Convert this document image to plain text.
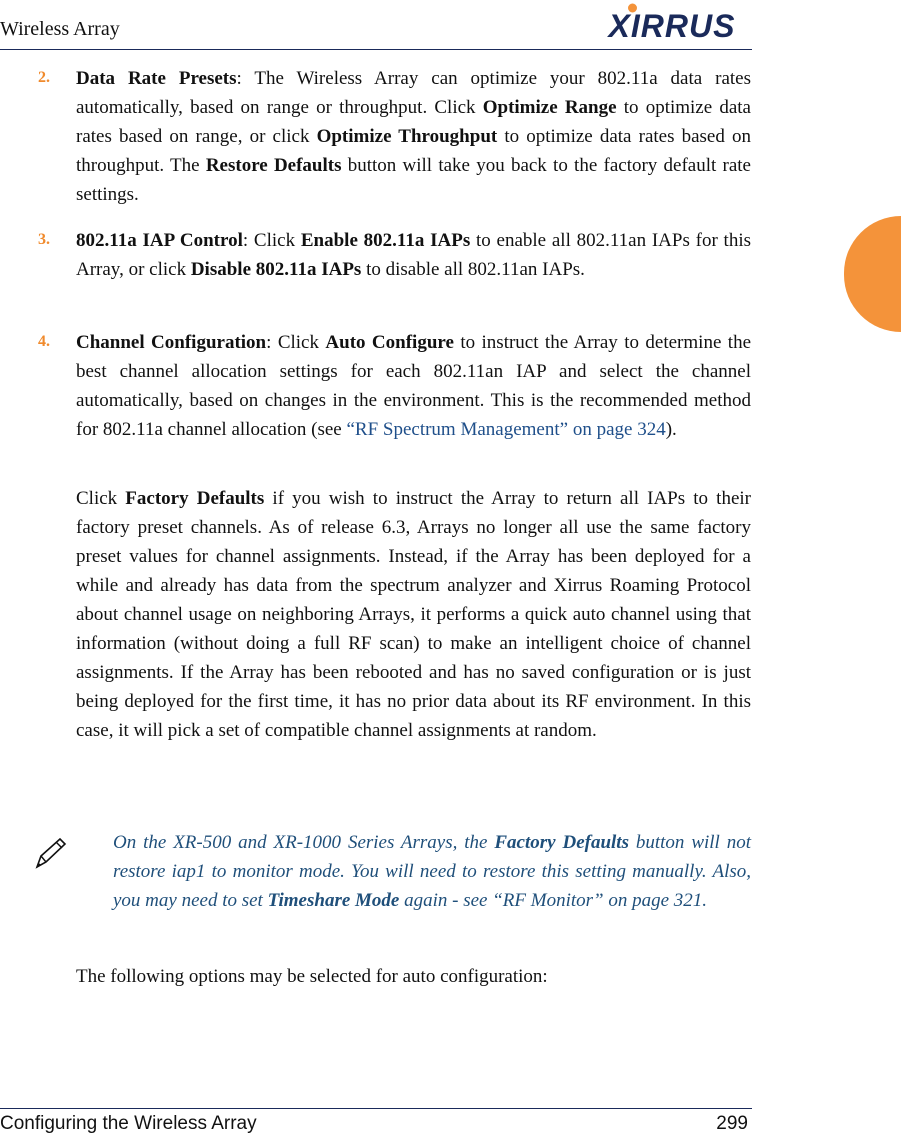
Wireless Array	XIRRUS
2. Data Rate Presets: The Wireless Array can optimize your 802.11a data rates automatically, based on range or throughput. Click Optimize Range to optimize data rates based on range, or click Optimize Throughput to optimize data rates based on throughput. The Restore Defaults button will take you back to the factory default rate settings.
3. 802.11a IAP Control: Click Enable 802.11a IAPs to enable all 802.11an IAPs for this Array, or click Disable 802.11a IAPs to disable all 802.11an IAPs.
4. Channel Configuration: Click Auto Configure to instruct the Array to determine the best channel allocation settings for each 802.11an IAP and select the channel automatically, based on changes in the environment. This is the recommended method for 802.11a channel allocation (see “RF Spectrum Management” on page 324).
Click Factory Defaults if you wish to instruct the Array to return all IAPs to their factory preset channels. As of release 6.3, Arrays no longer all use the same factory preset values for channel assignments. Instead, if the Array has been deployed for a while and already has data from the spectrum analyzer and Xirrus Roaming Protocol about channel usage on neighboring Arrays, it performs a quick auto channel using that information (without doing a full RF scan) to make an intelligent choice of channel assignments. If the Array has been rebooted and has no saved configuration or is just being deployed for the first time, it has no prior data about its RF environment. In this case, it will pick a set of compatible channel assignments at random.
On the XR-500 and XR-1000 Series Arrays, the Factory Defaults button will not restore iap1 to monitor mode. You will need to restore this setting manually. Also, you may need to set Timeshare Mode again - see “RF Monitor” on page 321.
The following options may be selected for auto configuration:
Configuring the Wireless Array	299
